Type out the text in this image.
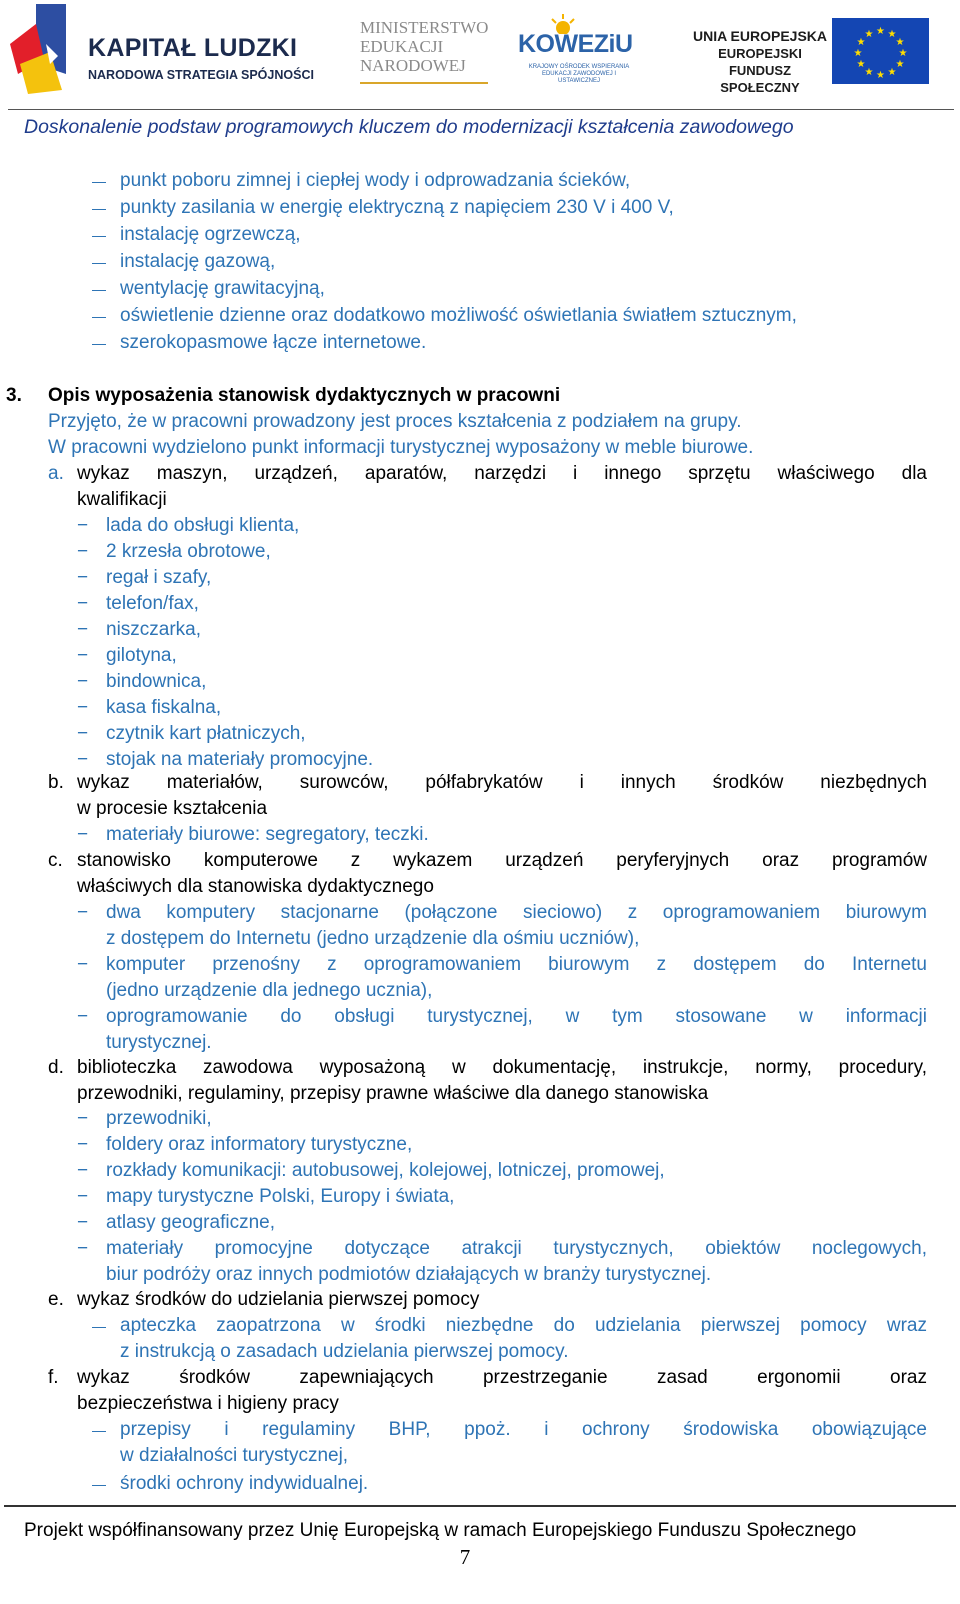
KAPITAŁ LUDZKI
NARODOWA STRATEGIA SPÓJNOŚCI
MINISTERSTWO
EDUKACJI
NARODOWEJ
KOWEZiU
KRAJOWY OŚRODEK WSPIERANIA EDUKACJI ZAWODOWEJ I USTAWICZNEJ
UNIA EUROPEJSKA
EUROPEJSKI
FUNDUSZ SPOŁECZNY
★ ★
★
★
★
★
★
★
★
★
★
★
Doskonalenie podstaw programowych kluczem do modernizacji kształcenia zawodowego
punkt poboru zimnej i ciepłej wody i odprowadzania ścieków,
punkty zasilania w energię elektryczną z napięciem 230 V i 400 V,
instalację ogrzewczą,
instalację gazową,
wentylację grawitacyjną,
oświetlenie dzienne oraz dodatkowo możliwość oświetlania światłem sztucznym,
szerokopasmowe łącze internetowe.
3. Opis wyposażenia stanowisk dydaktycznych w pracowni
Przyjęto, że w pracowni prowadzony jest proces kształcenia z podziałem na grupy.
W pracowni wydzielono punkt informacji turystycznej wyposażony w meble biurowe.
a. wykaz maszyn, urządzeń, aparatów, narzędzi i innego sprzętu właściwego dla
kwalifikacji
− lada do obsługi klienta,
− 2 krzesła obrotowe,
− regał i szafy,
− telefon/fax,
− niszczarka,
− gilotyna,
− bindownica,
− kasa fiskalna,
− czytnik kart płatniczych,
− stojak na materiały promocyjne.
b. wykaz materiałów, surowców, półfabrykatów i innych środków niezbędnych
w procesie kształcenia
− materiały biurowe: segregatory, teczki.
c. stanowisko komputerowe z wykazem urządzeń peryferyjnych oraz programów
właściwych dla stanowiska dydaktycznego
− dwa komputery stacjonarne (połączone sieciowo) z oprogramowaniem biurowym
z dostępem do Internetu (jedno urządzenie dla ośmiu uczniów),
− komputer przenośny z oprogramowaniem biurowym z dostępem do Internetu
(jedno urządzenie dla jednego ucznia),
− oprogramowanie do obsługi turystycznej, w tym stosowane w informacji
turystycznej.
d. biblioteczka zawodowa wyposażoną w dokumentację, instrukcje, normy, procedury,
przewodniki, regulaminy, przepisy prawne właściwe dla danego stanowiska
− przewodniki,
− foldery oraz informatory turystyczne,
− rozkłady komunikacji: autobusowej, kolejowej, lotniczej, promowej,
− mapy turystyczne Polski, Europy i świata,
− atlasy geograficzne,
− materiały promocyjne dotyczące atrakcji turystycznych, obiektów noclegowych,
biur podróży oraz innych podmiotów działających w branży turystycznej.
e. wykaz środków do udzielania pierwszej pomocy
apteczka zaopatrzona w środki niezbędne do udzielania pierwszej pomocy wraz
z instrukcją o zasadach udzielania pierwszej pomocy.
f. wykaz środków zapewniających przestrzeganie zasad ergonomii oraz
bezpieczeństwa i higieny pracy
przepisy i regulaminy BHP, ppoż. i ochrony środowiska obowiązujące
w działalności turystycznej,
środki ochrony indywidualnej.
Projekt współfinansowany przez Unię Europejską w ramach Europejskiego Funduszu Społecznego
7
